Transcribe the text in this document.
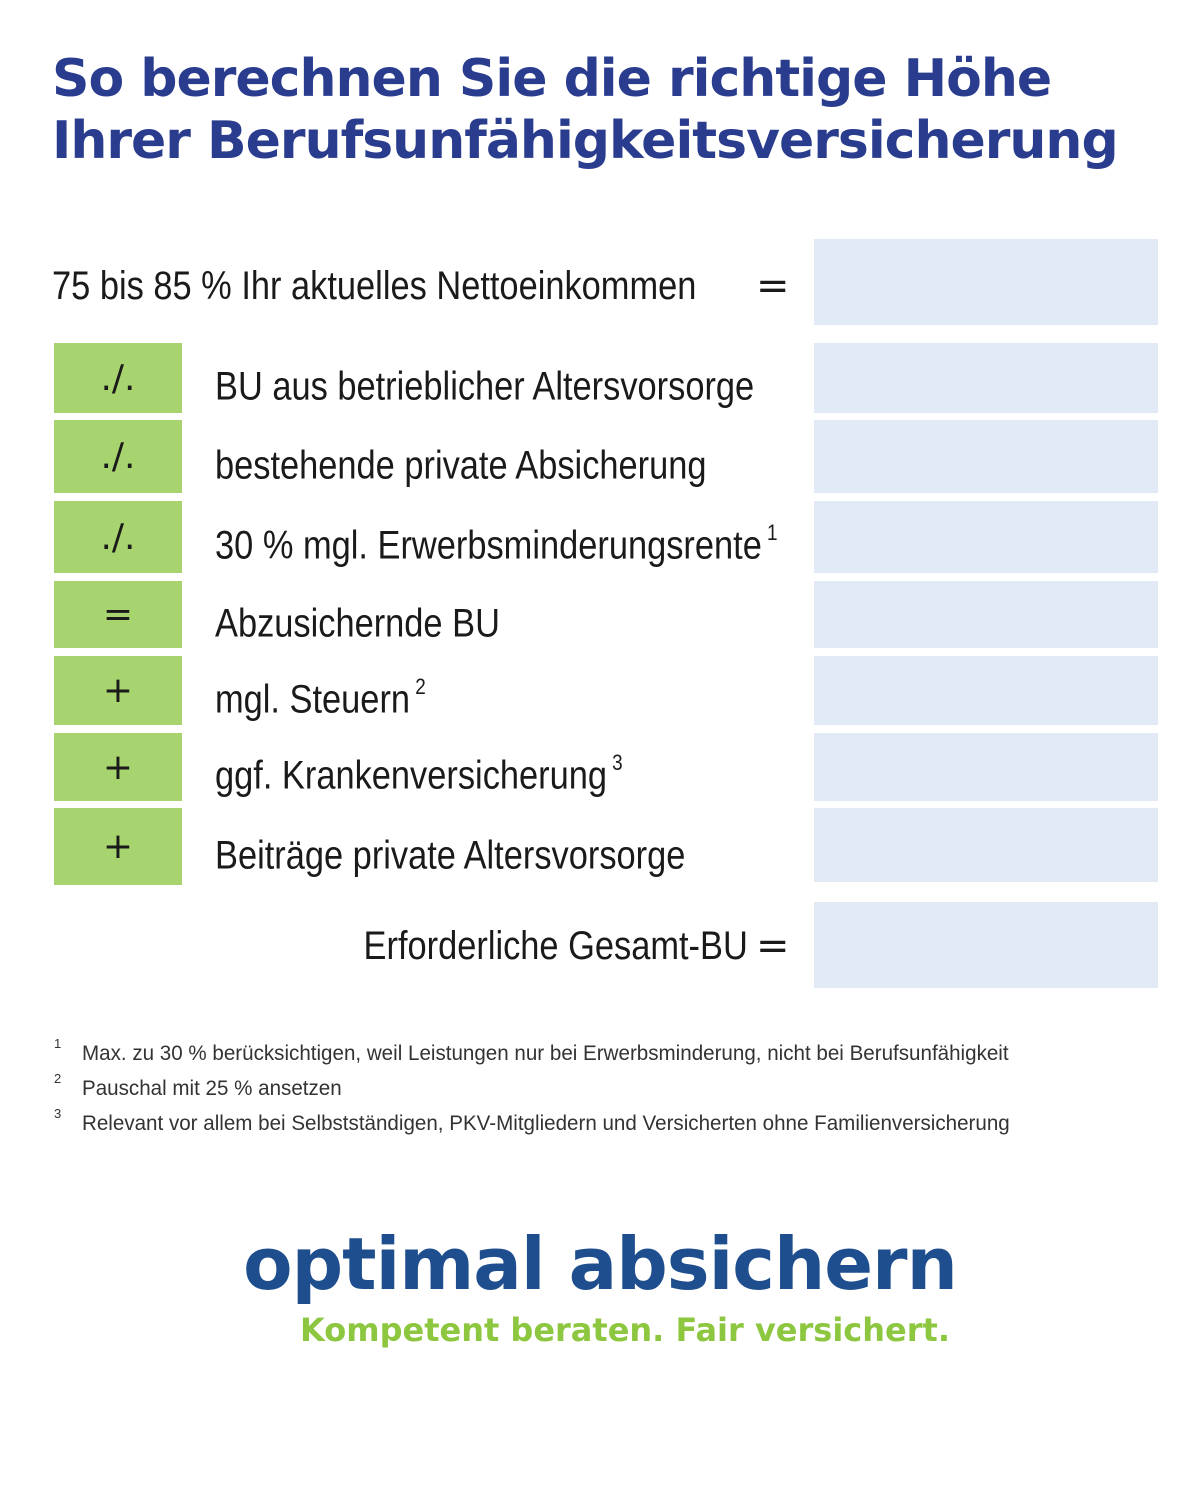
So berechnen Sie die richtige Höhe
Ihrer Berufsunfähigkeitsversicherung
75 bis 85 % Ihr aktuelles Nettoeinkommen =
./.	BU aus betrieblicher Altersvorsorge
./.	bestehende private Absicherung
./.	30 % mgl. Erwerbsminderungsrente $^1$
=	Abzusichernde BU
+	mgl. Steuern $^2$
+	ggf. Krankenversicherung $^3$
+	Beiträge private Altersvorsorge
Erforderliche Gesamt-BU =
1 Max. zu 30 % berücksichtigen, weil Leistungen nur bei Erwerbsminderung, nicht bei Berufsunfähigkeit
2 Pauschal mit 25 % ansetzen
3 Relevant vor allem bei Selbstständigen, PKV-Mitgliedern und Versicherten ohne Familienversicherung
optimal absichern
Kompetent beraten. Fair versichert.
